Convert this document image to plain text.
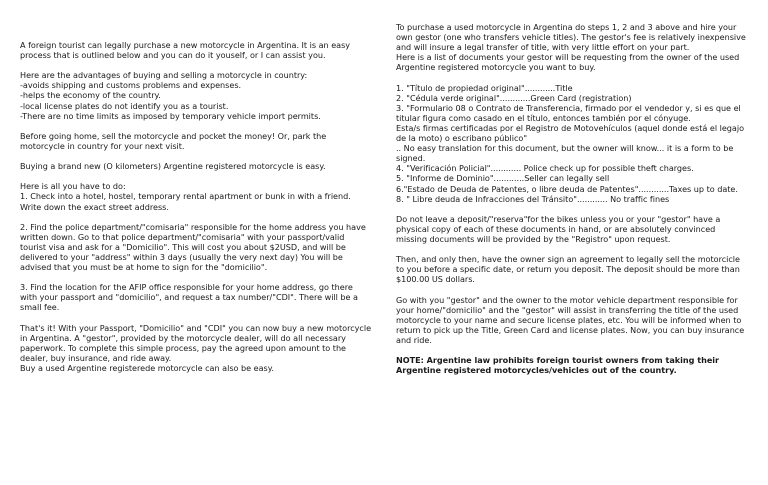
A foreign tourist can legally purchase a new motorcycle in Argentina. It is an easy process that is outlined below and you can do it youself, or I can assist you.

Here are the advantages of buying and selling a motorcycle in country:
-avoids shipping and customs problems and expenses.
-helps the economy of the country.
-local license plates do not identify you as a tourist.
-There are no time limits as imposed by temporary vehicle import permits.

Before going home, sell the motorcycle and pocket the money! Or, park the motorcycle in country for your next visit.

Buying a brand new (O kilometers) Argentine registered motorcycle is easy.

Here is all you have to do:
1. Check into a hotel, hostel, temporary rental apartment or bunk in with a friend. Write down the exact street address.

2. Find the police department/"comisaria" responsible for the home address you have written down. Go to that police department/"comisaria" with your passport/valid tourist visa and ask for a "Domicilio". This will cost you about $2USD, and will be delivered to your "address" within 3 days (usually the very next day) You will be advised that you must be at home to sign for the "domicilio".

3. Find the location for the AFIP office responsible for your home address, go there with your passport and "domicilio", and request a tax number/"CDI". There will be a small fee.

That's it! With your Passport, "Domicilio" and "CDI" you can now buy a new motorcycle in Argentina. A "gestor", provided by the motorcycle dealer, will do all necessary paperwork. To complete this simple process, pay the agreed upon amount to the dealer, buy insurance, and ride away.
Buy a used Argentine registerede motorcycle can also be easy.

To purchase a used motorcycle in Argentina do steps 1, 2 and 3 above and hire your own gestor (one who transfers vehicle titles). The gestor's fee is relatively inexpensive and will insure a legal transfer of title, with very little effort on your part.
Here is a list of documents your gestor will be requesting from the owner of the used Argentine registered motorcycle you want to buy.

1. "Título de propiedad original"............Title
2. "Cédula verde original"............Green Card (registration)
3. "Formulario 08 o Contrato de Transferencia, firmado por el vendedor y, si es que el titular figura como casado en el título, entonces también por el cónyuge.
Esta/s firmas certificadas por el Registro de Motovehículos (aquel donde está el legajo de la moto) o escribano público"
.. No easy translation for this document, but the owner will know... it is a form to be signed.
4. "Verificación Policial"............ Police check up for possible theft charges.
5. "Informe de Dominio"............Seller can legally sell
6."Estado de Deuda de Patentes, o libre deuda de Patentes"............Taxes up to date.
8. " Libre deuda de Infracciones del Tránsito"............ No traffic fines

Do not leave a deposit/"reserva"for the bikes unless you or your "gestor" have a physical copy of each of these documents in hand, or are absolutely convinced missing documents will be provided by the "Registro" upon request.

Then, and only then, have the owner sign an agreement to legally sell the motorcicle to you before a specific date, or return you deposit. The deposit should be more than $100.00 US dollars.

Go with you "gestor" and the owner to the motor vehicle department responsible for your home/"domicilio" and the "gestor" will assist in transferring the title of the used motorcycle to your name and secure license plates, etc. You will be informed when to return to pick up the Title, Green Card and license plates. Now, you can buy insurance and ride.

NOTE: Argentine law prohibits foreign tourist owners from taking their Argentine registered motorcycles/vehicles out of the country.
